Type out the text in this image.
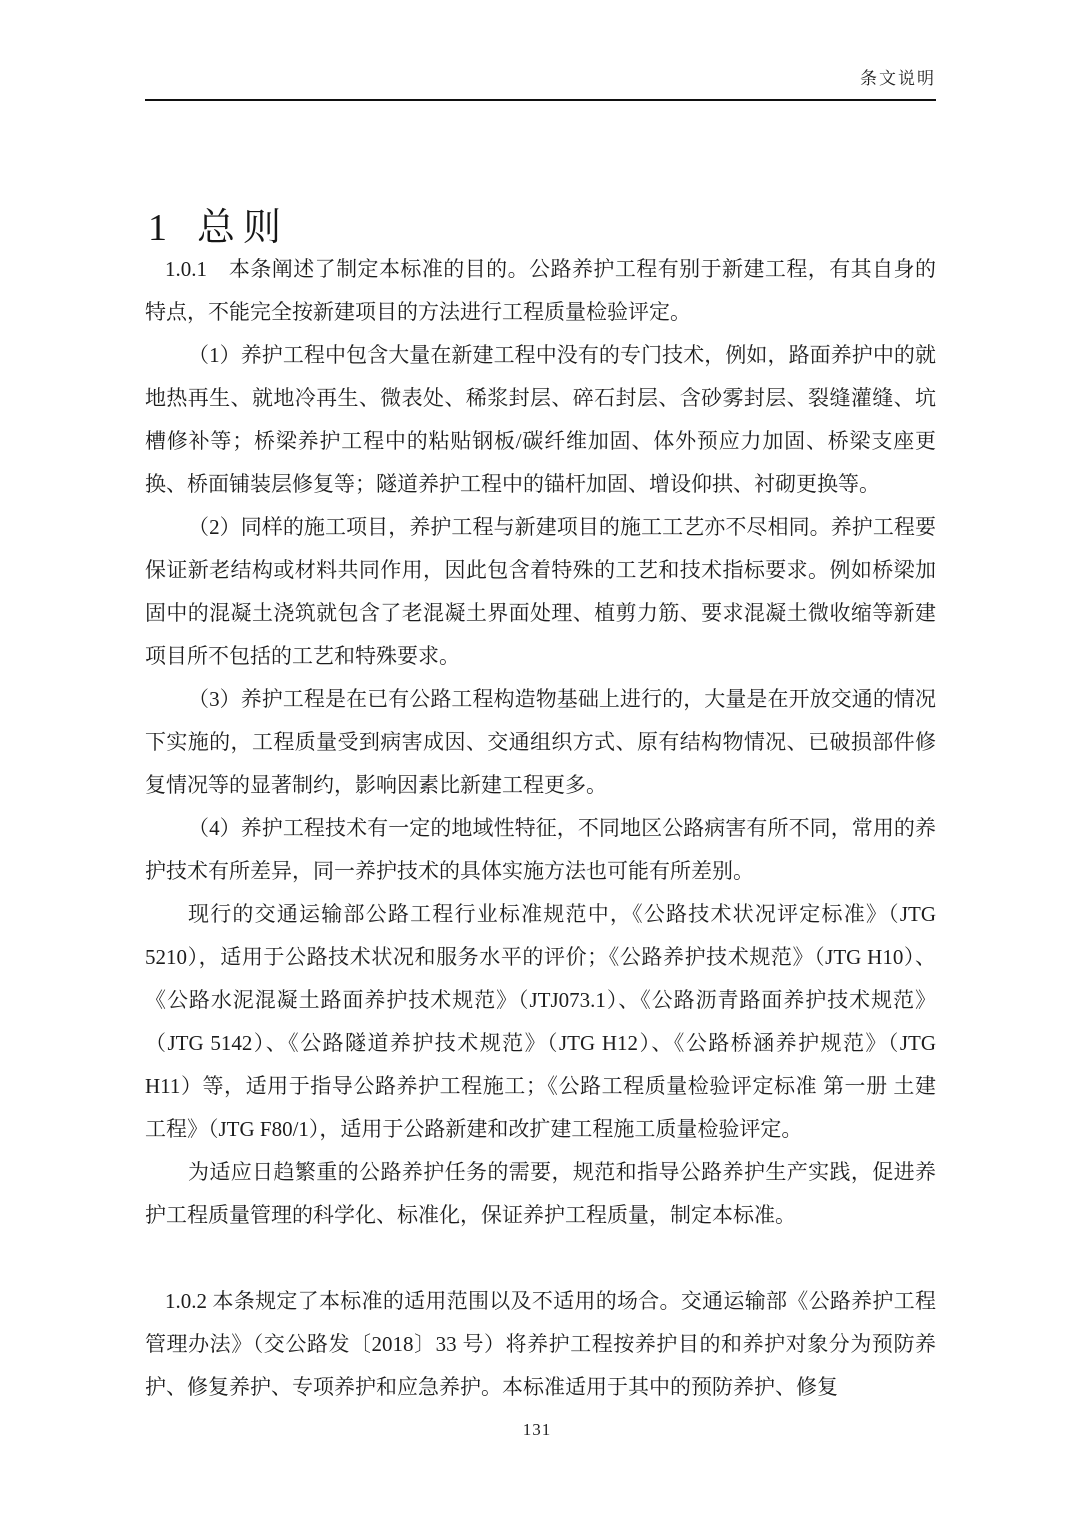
条文说明
1 总则

1.0.1　本条阐述了制定本标准的目的。公路养护工程有别于新建工程，有其自身的特点，不能完全按新建项目的方法进行工程质量检验评定。

（1）养护工程中包含大量在新建工程中没有的专门技术，例如，路面养护中的就地热再生、就地冷再生、微表处、稀浆封层、碎石封层、含砂雾封层、裂缝灌缝、坑槽修补等；桥梁养护工程中的粘贴钢板/碳纤维加固、体外预应力加固、桥梁支座更换、桥面铺装层修复等；隧道养护工程中的锚杆加固、增设仰拱、衬砌更换等。

（2）同样的施工项目，养护工程与新建项目的施工工艺亦不尽相同。养护工程要保证新老结构或材料共同作用，因此包含着特殊的工艺和技术指标要求。例如桥梁加固中的混凝土浇筑就包含了老混凝土界面处理、植剪力筋、要求混凝土微收缩等新建项目所不包括的工艺和特殊要求。

（3）养护工程是在已有公路工程构造物基础上进行的，大量是在开放交通的情况下实施的，工程质量受到病害成因、交通组织方式、原有结构物情况、已破损部件修复情况等的显著制约，影响因素比新建工程更多。

（4）养护工程技术有一定的地域性特征，不同地区公路病害有所不同，常用的养护技术有所差异，同一养护技术的具体实施方法也可能有所差别。

现行的交通运输部公路工程行业标准规范中，《公路技术状况评定标准》（JTG 5210），适用于公路技术状况和服务水平的评价；《公路养护技术规范》（JTG H10）、《公路水泥混凝土路面养护技术规范》（JTJ073.1）、《公路沥青路面养护技术规范》（JTG 5142）、《公路隧道养护技术规范》（JTG H12）、《公路桥涵养护规范》（JTG H11）等，适用于指导公路养护工程施工；《公路工程质量检验评定标准 第一册 土建工程》（JTG F80/1），适用于公路新建和改扩建工程施工质量检验评定。

为适应日趋繁重的公路养护任务的需要，规范和指导公路养护生产实践，促进养护工程质量管理的科学化、标准化，保证养护工程质量，制定本标准。

1.0.2 本条规定了本标准的适用范围以及不适用的场合。交通运输部《公路养护工程管理办法》（交公路发〔2018〕33 号）将养护工程按养护目的和养护对象分为预防养护、修复养护、专项养护和应急养护。本标准适用于其中的预防养护、修复

131
